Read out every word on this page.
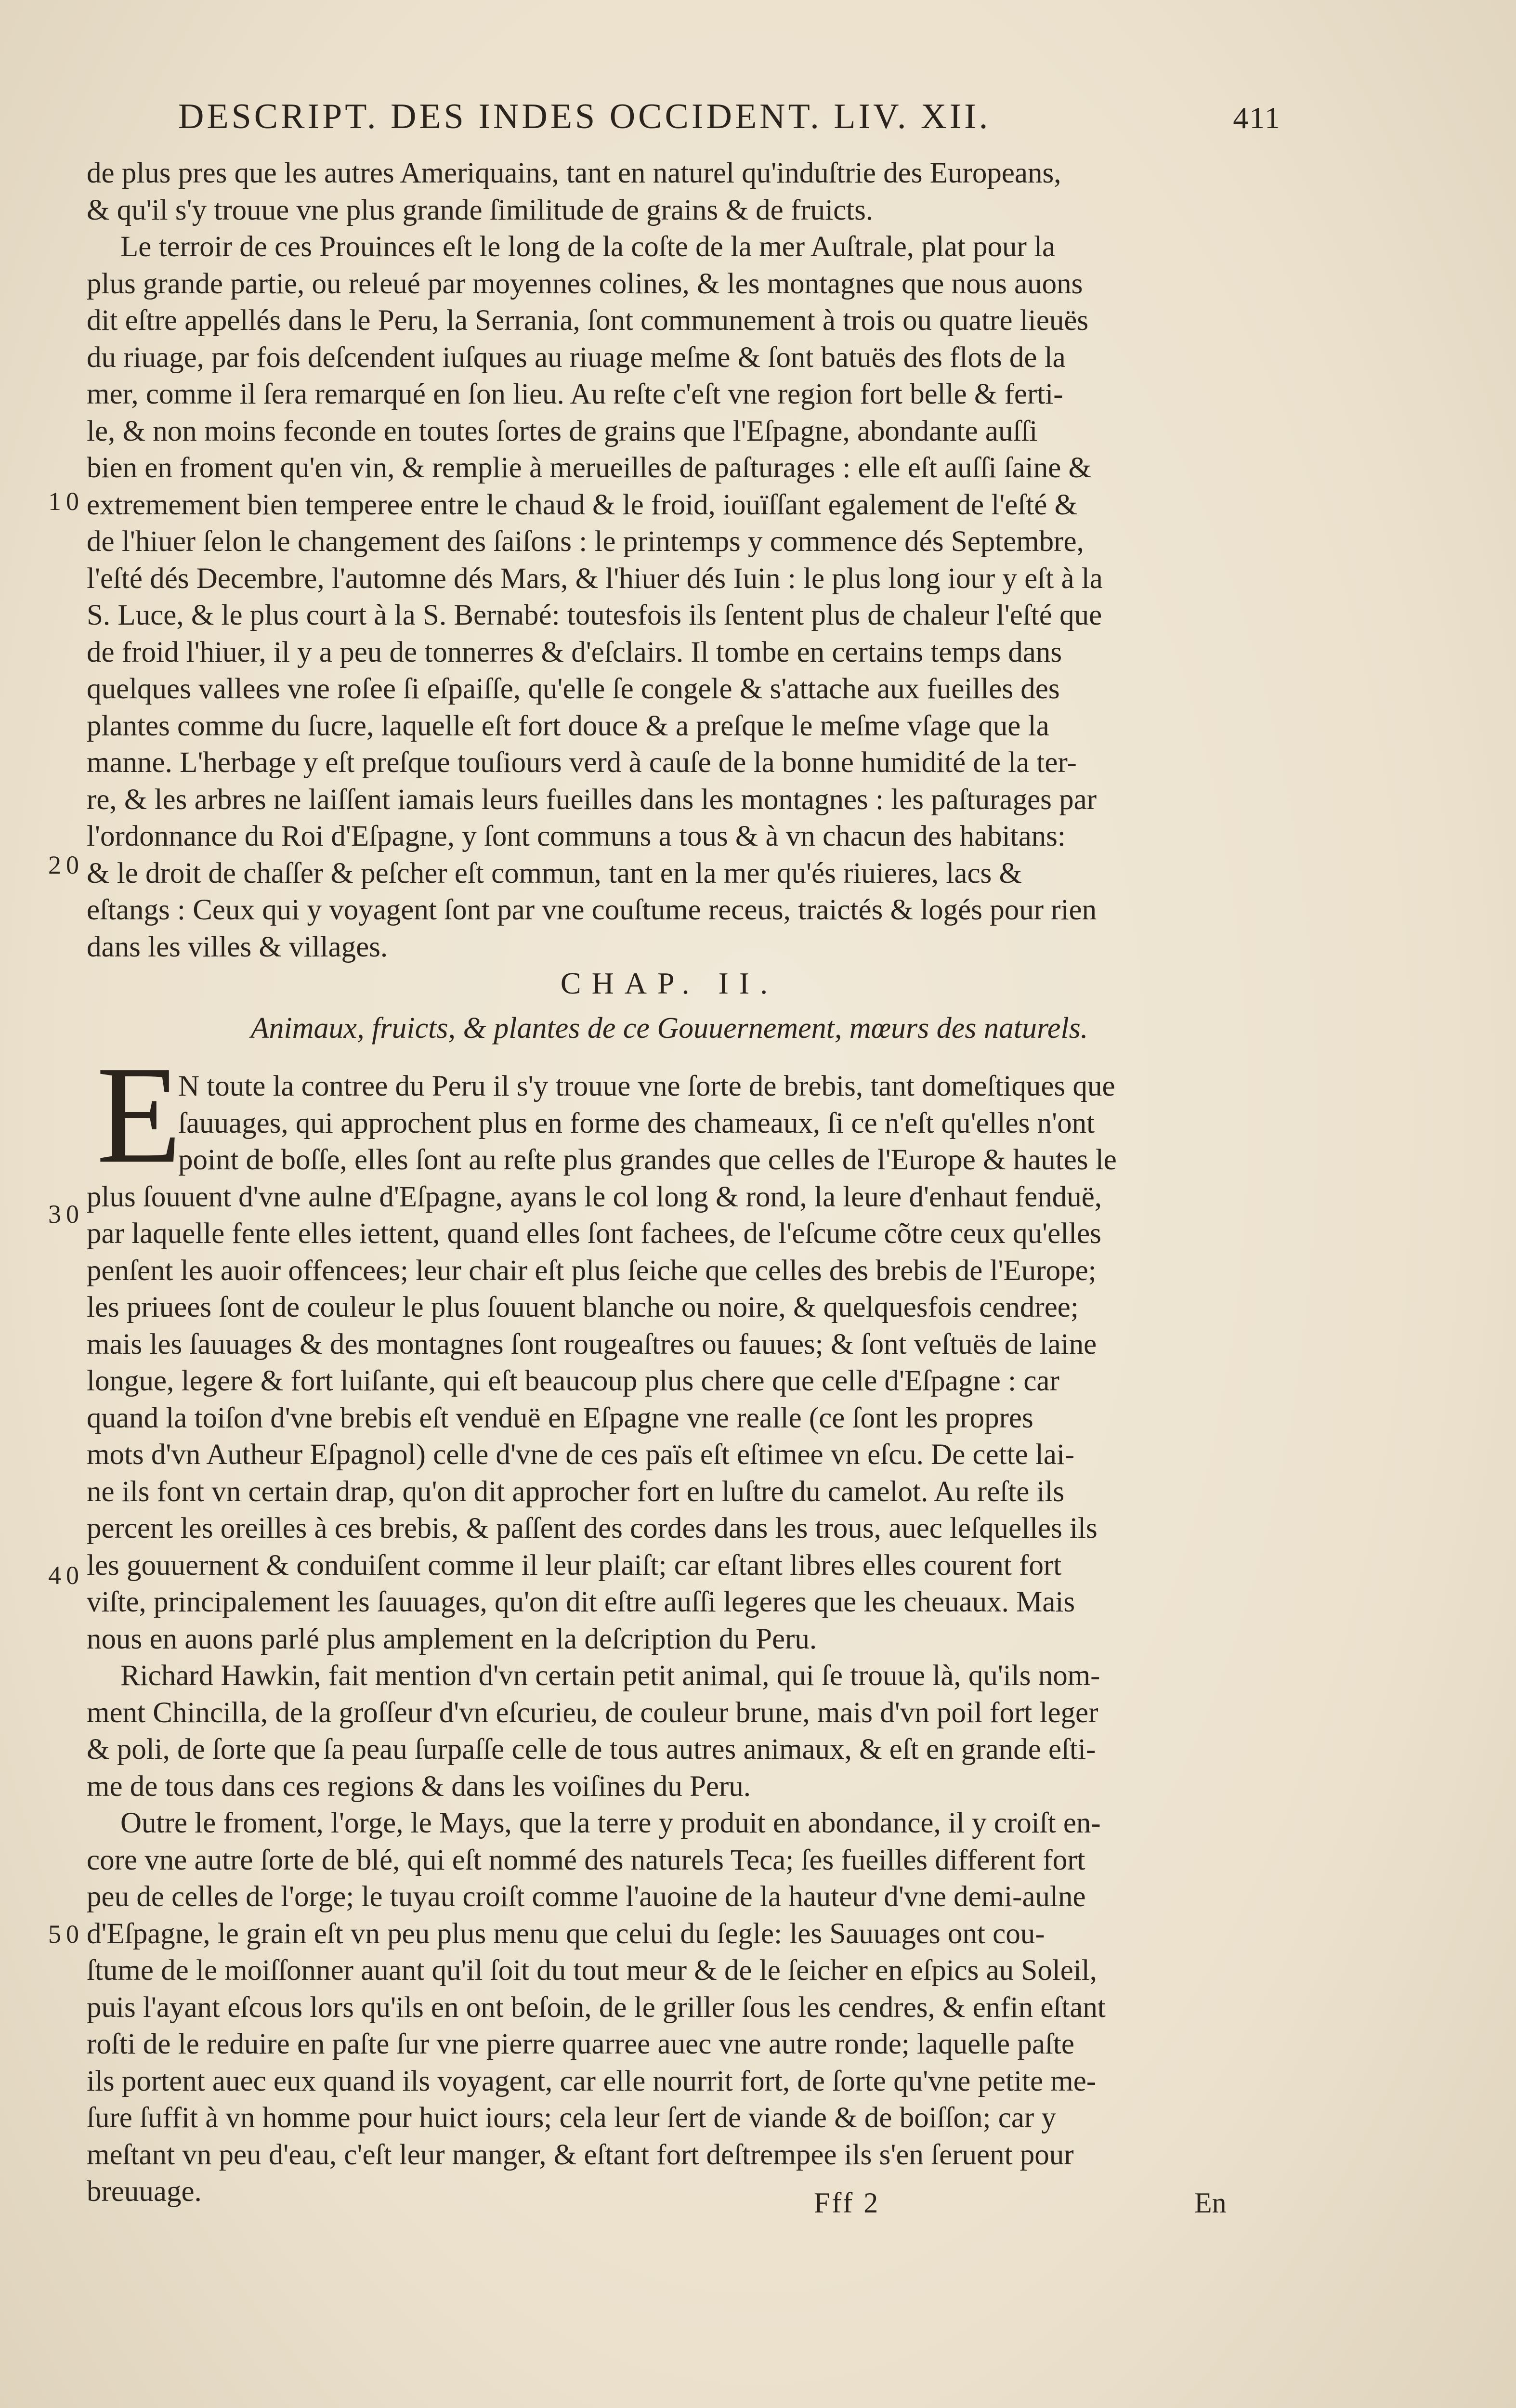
DESCRIPT. DES INDES OCCIDENT. LIV. XII.	411
10
20
30
40
50
de plus pres que les autres Ameriquains, tant en naturel qu'induſtrie des Europeans,
& qu'il s'y trouue vne plus grande ſimilitude de grains & de fruicts.
Le terroir de ces Prouinces eſt le long de la coſte de la mer Auſtrale, plat pour la
plus grande partie, ou releué par moyennes colines, & les montagnes que nous auons
dit eſtre appellés dans le Peru, la Serrania, ſont communement à trois ou quatre lieuës
du riuage, par fois deſcendent iuſques au riuage meſme & ſont batuës des flots de la
mer, comme il ſera remarqué en ſon lieu. Au reſte c'eſt vne region fort belle & ferti-
le, & non moins feconde en toutes ſortes de grains que l'Eſpagne, abondante auſſi
bien en froment qu'en vin, & remplie à merueilles de paſturages : elle eſt auſſi ſaine &
extremement bien temperee entre le chaud & le froid, iouïſſant egalement de l'eſté &
de l'hiuer ſelon le changement des ſaiſons : le printemps y commence dés Septembre,
l'eſté dés Decembre, l'automne dés Mars, & l'hiuer dés Iuin : le plus long iour y eſt à la
S. Luce, & le plus court à la S. Bernabé: toutesfois ils ſentent plus de chaleur l'eſté que
de froid l'hiuer, il y a peu de tonnerres & d'eſclairs. Il tombe en certains temps dans
quelques vallees vne roſee ſi eſpaiſſe, qu'elle ſe congele & s'attache aux fueilles des
plantes comme du ſucre, laquelle eſt fort douce & a preſque le meſme vſage que la
manne. L'herbage y eſt preſque touſiours verd à cauſe de la bonne humidité de la ter-
re, & les arbres ne laiſſent iamais leurs fueilles dans les montagnes : les paſturages par
l'ordonnance du Roi d'Eſpagne, y ſont communs a tous & à vn chacun des habitans:
& le droit de chaſſer & peſcher eſt commun, tant en la mer qu'és riuieres, lacs &
eſtangs : Ceux qui y voyagent ſont par vne couſtume receus, traictés & logés pour rien
dans les villes & villages.
CHAP. II.
Animaux, fruicts, & plantes de ce Gouuernement, mœurs des naturels.
E
N toute la contree du Peru il s'y trouue vne ſorte de brebis, tant domeſtiques que
ſauuages, qui approchent plus en forme des chameaux, ſi ce n'eſt qu'elles n'ont
point de boſſe, elles ſont au reſte plus grandes que celles de l'Europe & hautes le
plus ſouuent d'vne aulne d'Eſpagne, ayans le col long & rond, la leure d'enhaut fenduë,
par laquelle fente elles iettent, quand elles ſont fachees, de l'eſcume cõtre ceux qu'elles
penſent les auoir offencees; leur chair eſt plus ſeiche que celles des brebis de l'Europe;
les priuees ſont de couleur le plus ſouuent blanche ou noire, & quelquesfois cendree;
mais les ſauuages & des montagnes ſont rougeaſtres ou fauues; & ſont veſtuës de laine
longue, legere & fort luiſante, qui eſt beaucoup plus chere que celle d'Eſpagne : car
quand la toiſon d'vne brebis eſt venduë en Eſpagne vne realle (ce ſont les propres
mots d'vn Autheur Eſpagnol) celle d'vne de ces païs eſt eſtimee vn eſcu. De cette lai-
ne ils font vn certain drap, qu'on dit approcher fort en luſtre du camelot. Au reſte ils
percent les oreilles à ces brebis, & paſſent des cordes dans les trous, auec leſquelles ils
les gouuernent & conduiſent comme il leur plaiſt; car eſtant libres elles courent fort
viſte, principalement les ſauuages, qu'on dit eſtre auſſi legeres que les cheuaux. Mais
nous en auons parlé plus amplement en la deſcription du Peru.
Richard Hawkin, fait mention d'vn certain petit animal, qui ſe trouue là, qu'ils nom-
ment Chincilla, de la groſſeur d'vn eſcurieu, de couleur brune, mais d'vn poil fort leger
& poli, de ſorte que ſa peau ſurpaſſe celle de tous autres animaux, & eſt en grande eſti-
me de tous dans ces regions & dans les voiſines du Peru.
Outre le froment, l'orge, le Mays, que la terre y produit en abondance, il y croiſt en-
core vne autre ſorte de blé, qui eſt nommé des naturels Teca; ſes fueilles different fort
peu de celles de l'orge; le tuyau croiſt comme l'auoine de la hauteur d'vne demi-aulne
d'Eſpagne, le grain eſt vn peu plus menu que celui du ſegle: les Sauuages ont cou-
ſtume de le moiſſonner auant qu'il ſoit du tout meur & de le ſeicher en eſpics au Soleil,
puis l'ayant eſcous lors qu'ils en ont beſoin, de le griller ſous les cendres, & enfin eſtant
roſti de le reduire en paſte ſur vne pierre quarree auec vne autre ronde; laquelle paſte
ils portent auec eux quand ils voyagent, car elle nourrit fort, de ſorte qu'vne petite me-
ſure ſuffit à vn homme pour huict iours; cela leur ſert de viande & de boiſſon; car y
meſtant vn peu d'eau, c'eſt leur manger, & eſtant fort deſtrempee ils s'en ſeruent pour
breuuage.	Fff 2	En
